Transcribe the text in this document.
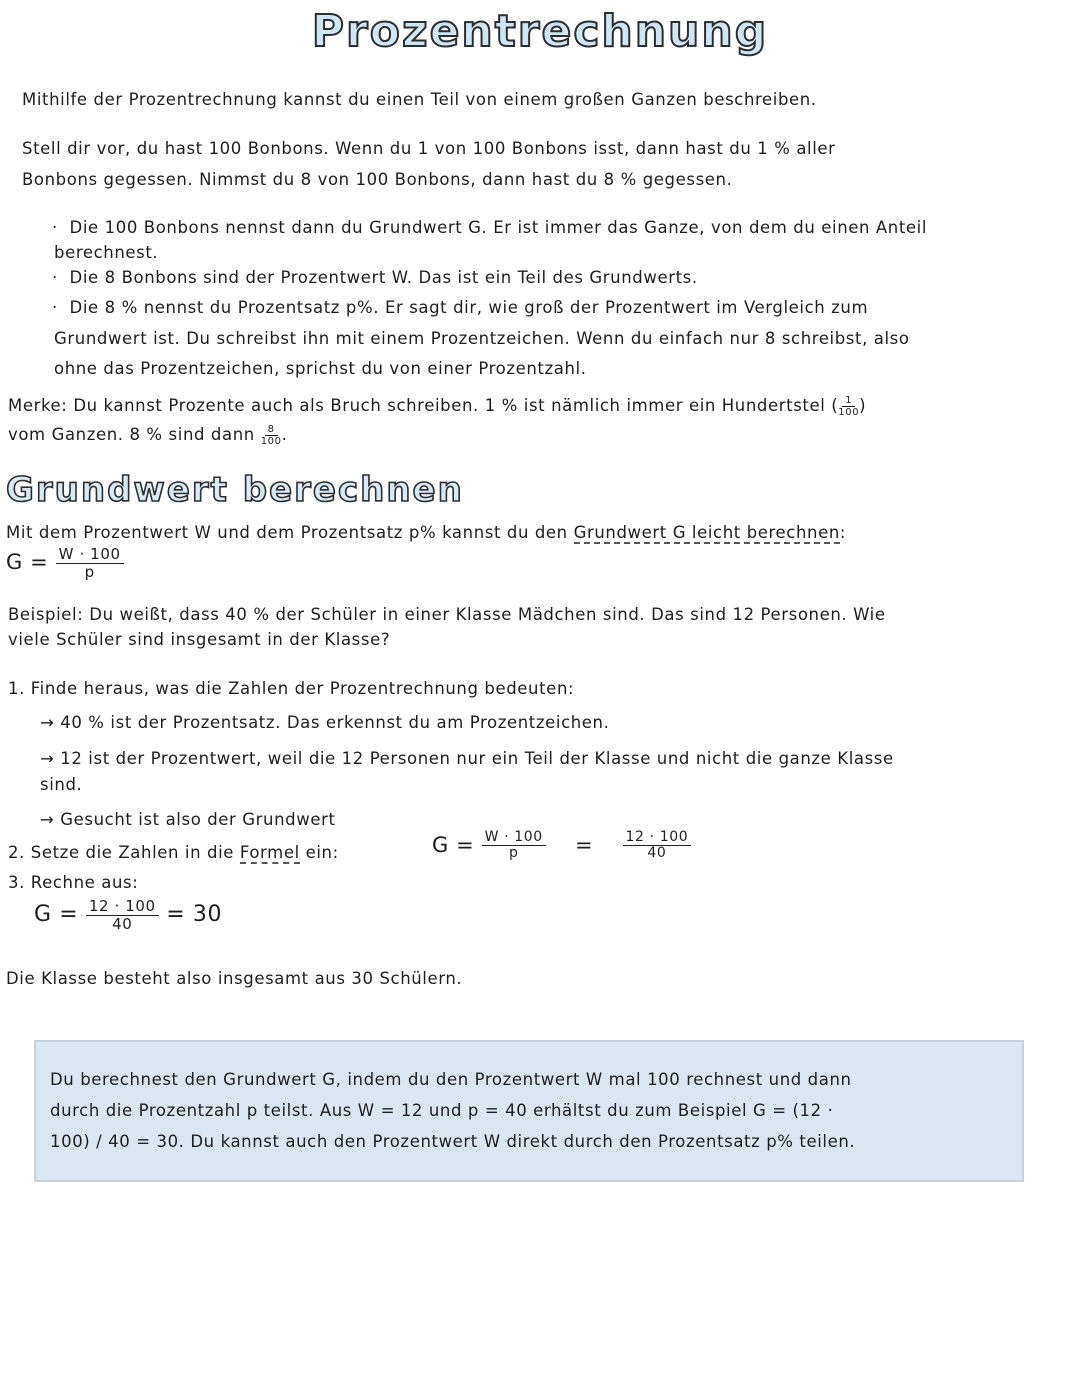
Prozentrechnung
Mithilfe der Prozentrechnung kannst du einen Teil von einem großen Ganzen beschreiben.
Stell dir vor, du hast 100 Bonbons. Wenn du 1 von 100 Bonbons isst, dann hast du 1 % aller
Bonbons gegessen. Nimmst du 8 von 100 Bonbons, dann hast du 8 % gegessen.
·  Die 100 Bonbons nennst dann du Grundwert G. Er ist immer das Ganze, von dem du einen Anteil
berechnest.
·  Die 8 Bonbons sind der Prozentwert W. Das ist ein Teil des Grundwerts.
·  Die 8 % nennst du Prozentsatz p%. Er sagt dir, wie groß der Prozentwert im Vergleich zum
Grundwert ist. Du schreibst ihn mit einem Prozentzeichen. Wenn du einfach nur 8 schreibst, also
ohne das Prozentzeichen, sprichst du von einer Prozentzahl.
Merke: Du kannst Prozente auch als Bruch schreiben. 1 % ist nämlich immer ein Hundertstel ( $\frac{1}{100}$ )
vom Ganzen. 8 % sind dann $\frac{8}{100}$ .
Grundwert berechnen
Mit dem Prozentwert W und dem Prozentsatz p% kannst du den Grundwert G leicht berechnen:
$G = \frac{W \cdot 100}{p}$
Beispiel: Du weißt, dass 40 % der Schüler in einer Klasse Mädchen sind. Das sind 12 Personen. Wie
viele Schüler sind insgesamt in der Klasse?
1. Finde heraus, was die Zahlen der Prozentrechnung bedeuten:
→ 40 % ist der Prozentsatz. Das erkennst du am Prozentzeichen.
→ 12 ist der Prozentwert, weil die 12 Personen nur ein Teil der Klasse und nicht die ganze Klasse
sind.
→ Gesucht ist also der Grundwert
2. Setze die Zahlen in die Formel ein:	$G = \frac{W \cdot 100}{p} = \frac{12 \cdot 100}{40}$
3. Rechne aus:
$G = \frac{12 \cdot 100}{40} = 30$
Die Klasse besteht also insgesamt aus 30 Schülern.
Du berechnest den Grundwert G, indem du den Prozentwert W mal 100 rechnest und dann
durch die Prozentzahl p teilst. Aus W = 12 und p = 40 erhältst du zum Beispiel G = (12 ·
100) / 40 = 30. Du kannst auch den Prozentwert W direkt durch den Prozentsatz p% teilen.
